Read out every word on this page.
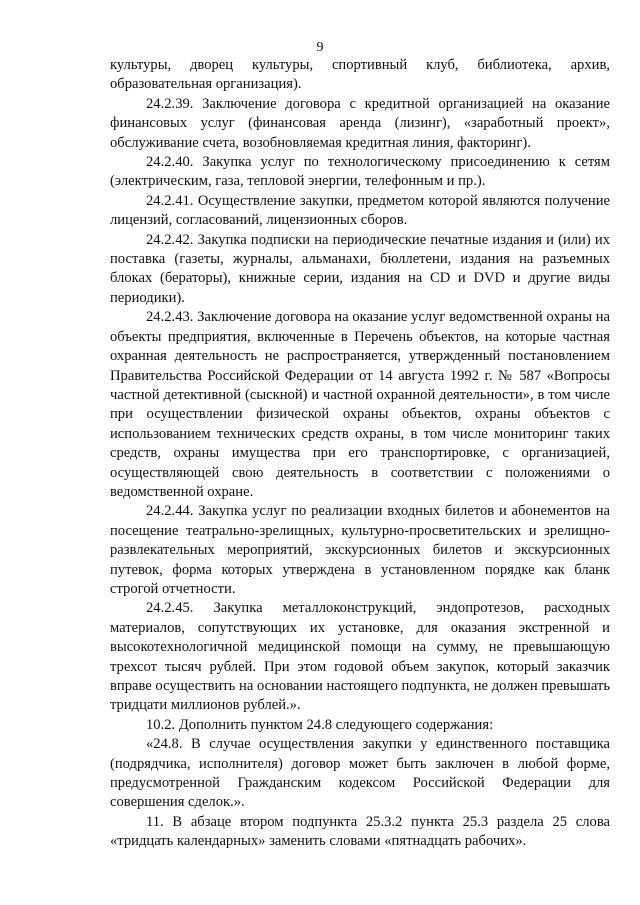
9

культуры, дворец культуры, спортивный клуб, библиотека, архив, образовательная организация).

24.2.39. Заключение договора с кредитной организацией на оказание финансовых услуг (финансовая аренда (лизинг), «заработный проект», обслуживание счета, возобновляемая кредитная линия, факторинг).

24.2.40. Закупка услуг по технологическому присоединению к сетям (электрическим, газа, тепловой энергии, телефонным и пр.).

24.2.41. Осуществление закупки, предметом которой являются получение лицензий, согласований, лицензионных сборов.

24.2.42. Закупка подписки на периодические печатные издания и (или) их поставка (газеты, журналы, альманахи, бюллетени, издания на разъемных блоках (бераторы), книжные серии, издания на CD и DVD и другие виды периодики).

24.2.43. Заключение договора на оказание услуг ведомственной охраны на объекты предприятия, включенные в Перечень объектов, на которые частная охранная деятельность не распространяется, утвержденный постановлением Правительства Российской Федерации от 14 августа 1992 г. № 587 «Вопросы частной детективной (сыскной) и частной охранной деятельности», в том числе при осуществлении физической охраны объектов, охраны объектов с использованием технических средств охраны, в том числе мониторинг таких средств, охраны имущества при его транспортировке, с организацией, осуществляющей свою деятельность в соответствии с положениями о ведомственной охране.

24.2.44. Закупка услуг по реализации входных билетов и абонементов на посещение театрально-зрелищных, культурно-просветительских и зрелищно-развлекательных мероприятий, экскурсионных билетов и экскурсионных путевок, форма которых утверждена в установленном порядке как бланк строгой отчетности.

24.2.45. Закупка металлоконструкций, эндопротезов, расходных материалов, сопутствующих их установке, для оказания экстренной и высокотехнологичной медицинской помощи на сумму, не превышающую трехсот тысяч рублей. При этом годовой объем закупок, который заказчик вправе осуществить на основании настоящего подпункта, не должен превышать тридцати миллионов рублей.».

10.2. Дополнить пунктом 24.8 следующего содержания:

«24.8. В случае осуществления закупки у единственного поставщика (подрядчика, исполнителя) договор может быть заключен в любой форме, предусмотренной Гражданским кодексом Российской Федерации для совершения сделок.».

11. В абзаце втором подпункта 25.3.2 пункта 25.3 раздела 25 слова «тридцать календарных» заменить словами «пятнадцать рабочих».
